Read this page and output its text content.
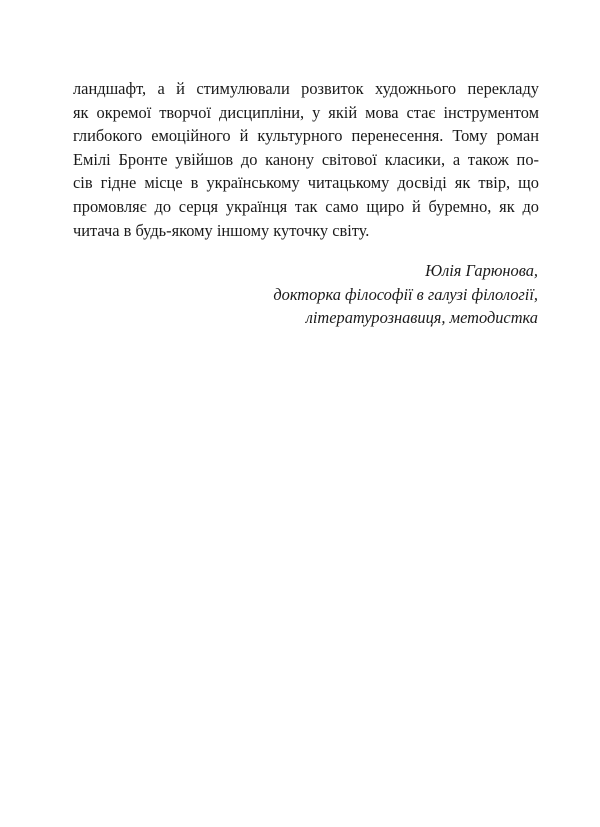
ландшафт, а й стимулювали розвиток художнього перекладу
як окремої творчої дисципліни, у якій мова стає інструментом
глибокого емоційного й культурного перенесення. Тому роман
Емілі Бронте увійшов до канону світової класики, а також по-
сів гідне місце в українському читацькому досвіді як твір, що
промовляє до серця українця так само щиро й буремно, як до
читача в будь-якому іншому куточку світу.
Юлія Гарюнова,
докторка філософії в галузі філології,
літературознавиця, методистка
